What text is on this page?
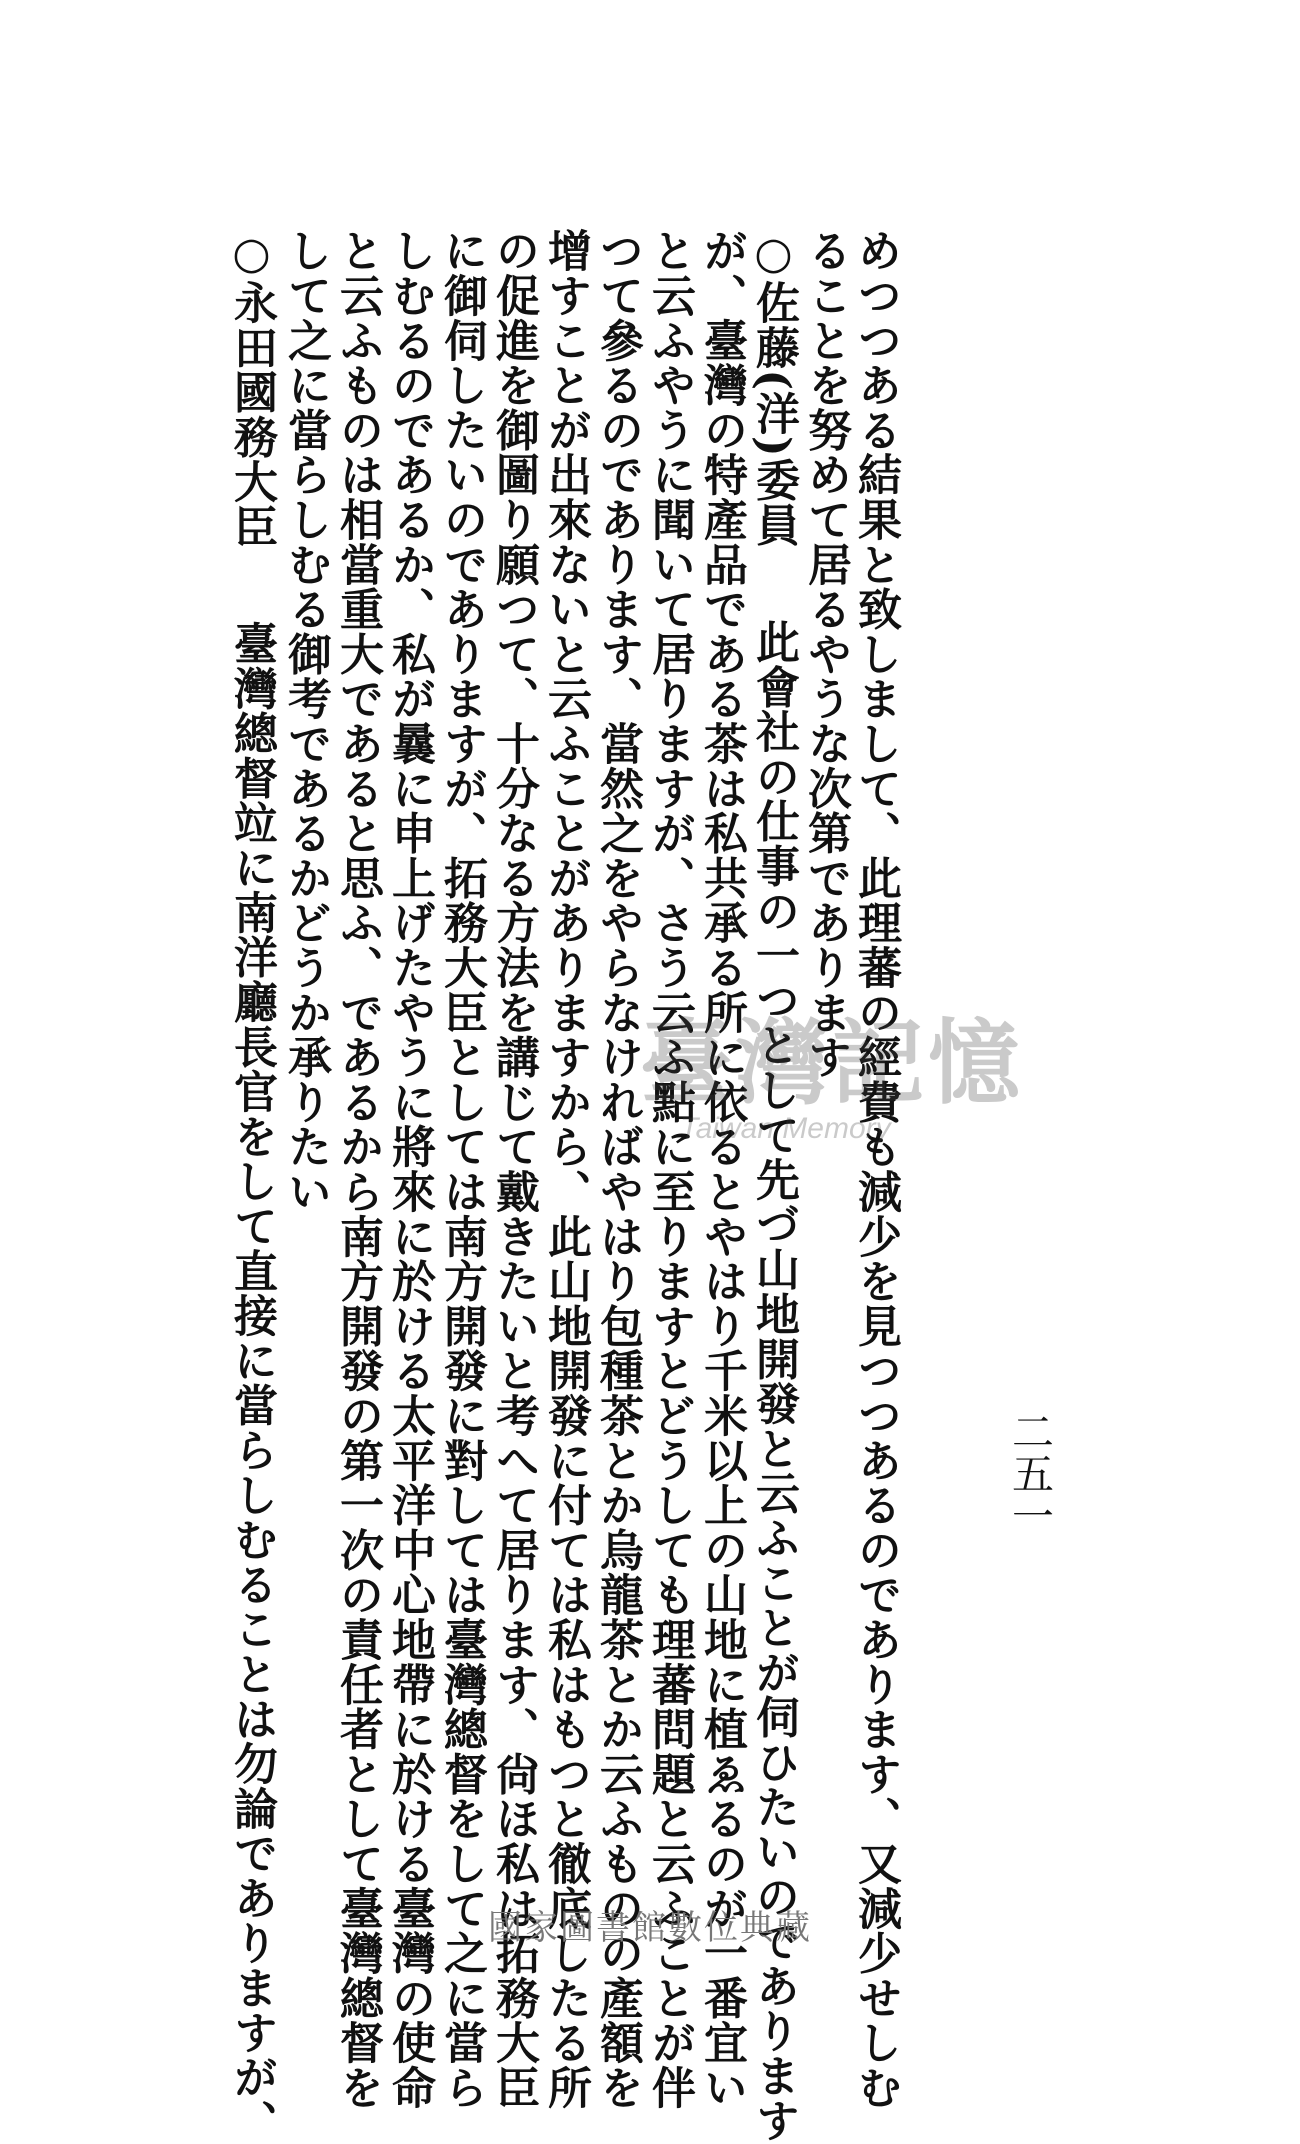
めつつある結果と致しまして、此理蕃の經費も減少を見つつあるのであります、又減少せしむ
ることを努めて居るやうな次第であります
○佐藤(洋)委員  此會社の仕事の一つとして先づ山地開發と云ふことが伺ひたいのであります
が、臺灣の特產品である茶は私共承る所に依るとやはり千米以上の山地に植ゑるのが一番宜い
と云ふやうに聞いて居りますが、さう云ふ點に至りますとどうしても理蕃問題と云ふことが伴
つて參るのであります、當然之をやらなければやはり包種茶とか烏龍茶とか云ふものの產額を
增すことが出來ないと云ふことがありますから、此山地開發に付ては私はもつと徹底したる所
の促進を御圖り願つて、十分なる方法を講じて戴きたいと考へて居ります、尙ほ私は拓務大臣
に御伺したいのでありますが、拓務大臣としては南方開發に對しては臺灣總督をして之に當ら
しむるのであるか、私が曩に申上げたやうに將來に於ける太平洋中心地帶に於ける臺灣の使命
と云ふものは相當重大であると思ふ、であるから南方開發の第一次の責任者として臺灣總督を
して之に當らしむる御考であるかどうか承りたい
○永田國務大臣  臺灣總督竝に南洋廳長官をして直接に當らしむることは勿論でありますが、	二五一
臺灣記憶
Taiwan Memory
國家圖書館數位典藏
